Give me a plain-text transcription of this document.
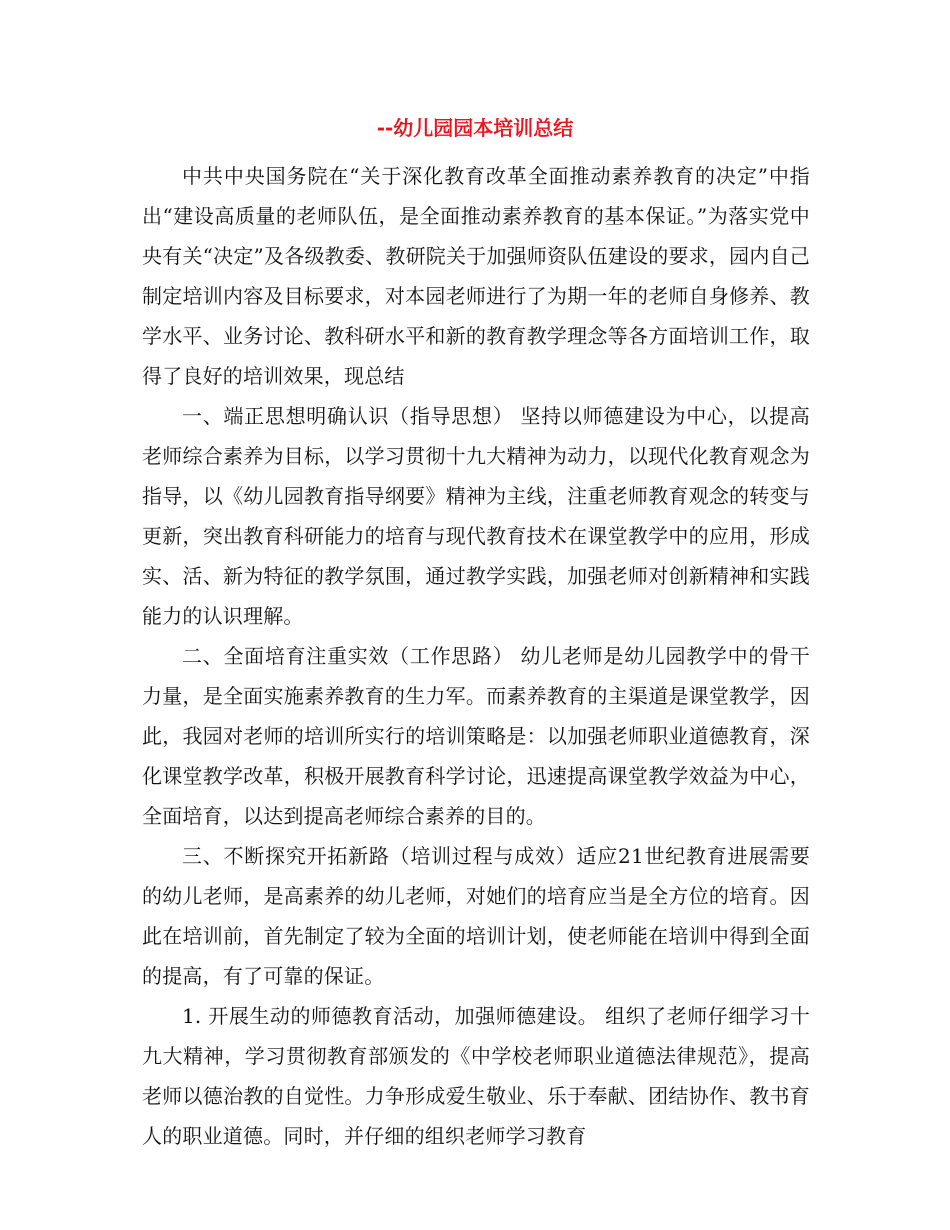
--幼儿园园本培训总结

中共中央国务院在“关于深化教育改革全面推动素养教育的决定”中指出“建设高质量的老师队伍，是全面推动素养教育的基本保证。”为落实党中央有关“决定”及各级教委、教研院关于加强师资队伍建设的要求，园内自己制定培训内容及目标要求，对本园老师进行了为期一年的老师自身修养、教学水平、业务讨论、教科研水平和新的教育教学理念等各方面培训工作，取得了良好的培训效果，现总结

一、端正思想明确认识（指导思想） 坚持以师德建设为中心，以提高老师综合素养为目标，以学习贯彻十九大精神为动力，以现代化教育观念为指导，以《幼儿园教育指导纲要》精神为主线，注重老师教育观念的转变与更新，突出教育科研能力的培育与现代教育技术在课堂教学中的应用，形成实、活、新为特征的教学氛围，通过教学实践，加强老师对创新精神和实践能力的认识理解。

二、全面培育注重实效（工作思路） 幼儿老师是幼儿园教学中的骨干力量，是全面实施素养教育的生力军。而素养教育的主渠道是课堂教学，因此，我园对老师的培训所实行的培训策略是：以加强老师职业道德教育，深化课堂教学改革，积极开展教育科学讨论，迅速提高课堂教学效益为中心，全面培育，以达到提高老师综合素养的目的。

三、不断探究开拓新路（培训过程与成效）适应21世纪教育进展需要的幼儿老师，是高素养的幼儿老师，对她们的培育应当是全方位的培育。因此在培训前，首先制定了较为全面的培训计划，使老师能在培训中得到全面的提高，有了可靠的保证。

1. 开展生动的师德教育活动，加强师德建设。 组织了老师仔细学习十九大精神，学习贯彻教育部颁发的《中学校老师职业道德法律规范》，提高老师以德治教的自觉性。力争形成爱生敬业、乐于奉献、团结协作、教书育人的职业道德。同时，并仔细的组织老师学习教育
